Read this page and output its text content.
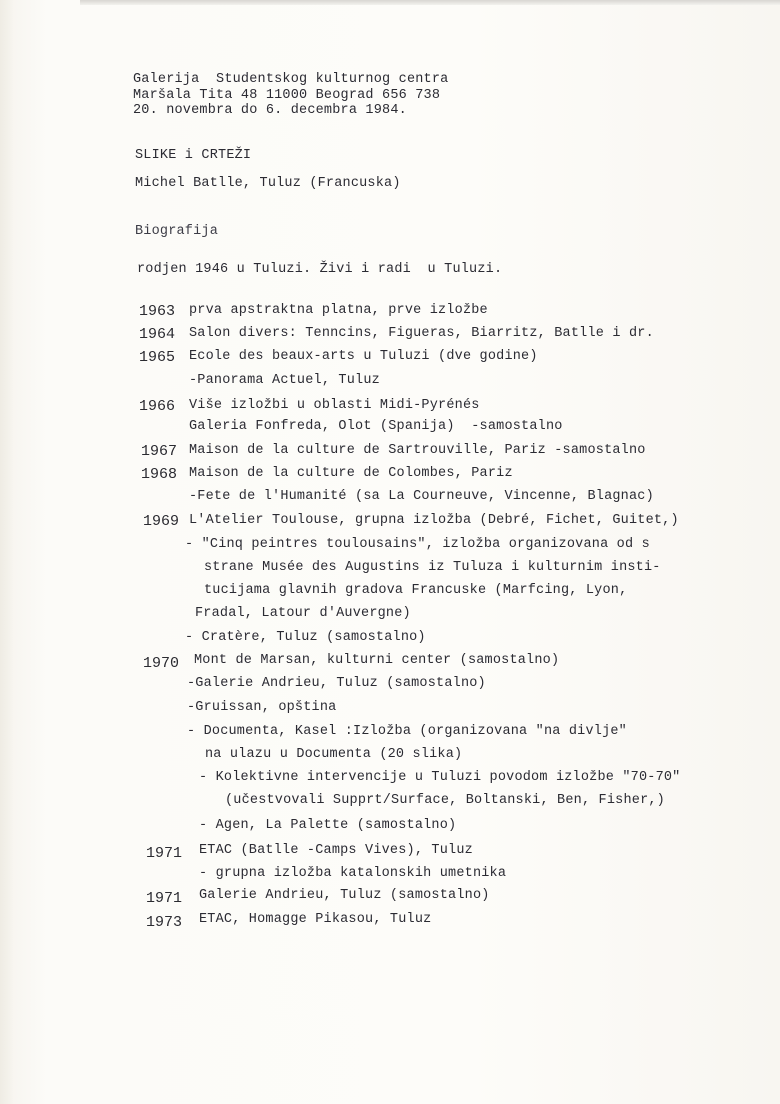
Galerija  Studentskog kulturnog centra
Maršala Tita 48 11000 Beograd 656 738
20. novembra do 6. decembra 1984.
SLIKE i CRTEŽI
Michel Batlle, Tuluz (Francuska)
Biografija
rodjen 1946 u Tuluzi. Živi i radi  u Tuluzi.
1963 prva apstraktna platna, prve izložbe
1964 Salon divers: Tenncins, Figueras, Biarritz, Batlle i dr.
1965 Ecole des beaux-arts u Tuluzi (dve godine)
-Panorama Actuel, Tuluz
1966 Više izložbi u oblasti Midi-Pyrénés
Galeria Fonfreda, Olot (Spanija)  -samostalno
1967 Maison de la culture de Sartrouville, Pariz -samostalno
1968 Maison de la culture de Colombes, Pariz
-Fete de l'Humanité (sa La Courneuve, Vincenne, Blagnac)
1969 L'Atelier Toulouse, grupna izložba (Debré, Fichet, Guitet,)
- "Cinq peintres toulousains", izložba organizovana od s
strane Musée des Augustins iz Tuluza i kulturnim insti-
tucijama glavnih gradova Francuske (Marfcing, Lyon,
Fradal, Latour d'Auvergne)
- Cratère, Tuluz (samostalno)
1970 Mont de Marsan, kulturni center (samostalno)
-Galerie Andrieu, Tuluz (samostalno)
-Gruissan, opština
- Documenta, Kasel :Izložba (organizovana "na divlje"
na ulazu u Documenta (20 slika)
- Kolektivne intervencije u Tuluzi povodom izložbe "70-70"
(učestvovali Supprt/Surface, Boltanski, Ben, Fisher,)
- Agen, La Palette (samostalno)
1971 ETAC (Batlle -Camps Vives), Tuluz
- grupna izložba katalonskih umetnika
1971 Galerie Andrieu, Tuluz (samostalno)
1973 ETAC, Homagge Pikasou, Tuluz
